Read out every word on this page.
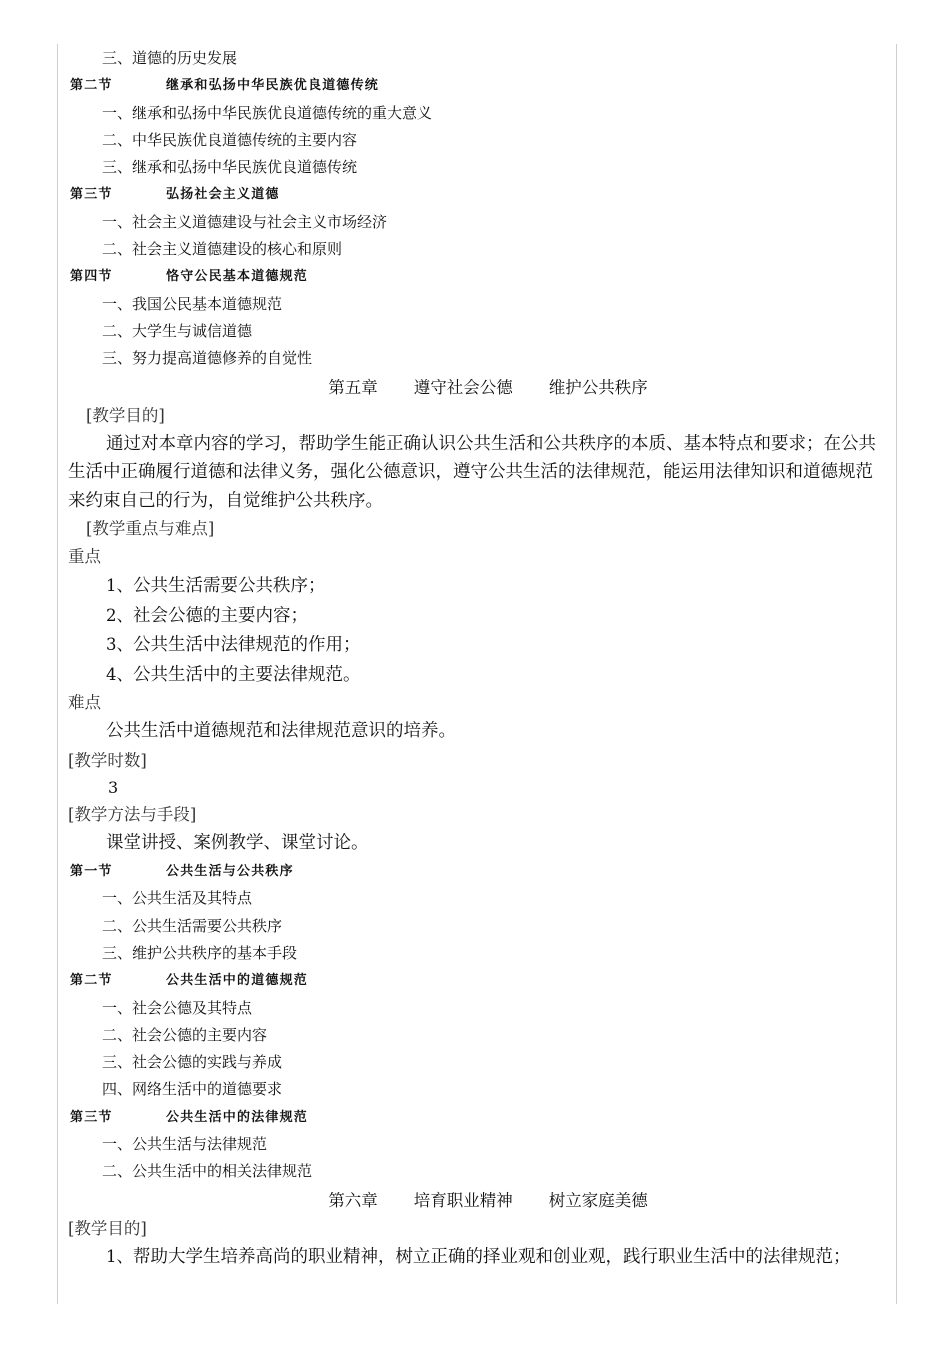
三、道德的历史发展
第二节	继承和弘扬中华民族优良道德传统
一、继承和弘扬中华民族优良道德传统的重大意义
二、中华民族优良道德传统的主要内容
三、继承和弘扬中华民族优良道德传统
第三节	弘扬社会主义道德
一、社会主义道德建设与社会主义市场经济
二、社会主义道德建设的核心和原则
第四节	恪守公民基本道德规范
一、我国公民基本道德规范
二、大学生与诚信道德
三、努力提高道德修养的自觉性
第五章 遵守社会公德 维护公共秩序
[教学目的]

通过对本章内容的学习，帮助学生能正确认识公共生活和公共秩序的本质、基本特点和要求；在公共生活中正确履行道德和法律义务，强化公德意识，遵守公共生活的法律规范，能运用法律知识和道德规范来约束自己的行为，自觉维护公共秩序。

[教学重点与难点]
重点
1、公共生活需要公共秩序；
2、社会公德的主要内容；
3、公共生活中法律规范的作用；
4、公共生活中的主要法律规范。
难点
公共生活中道德规范和法律规范意识的培养。
[教学时数]
3
[教学方法与手段]
课堂讲授、案例教学、课堂讨论。
第一节	公共生活与公共秩序
一、公共生活及其特点
二、公共生活需要公共秩序
三、维护公共秩序的基本手段
第二节	公共生活中的道德规范
一、社会公德及其特点
二、社会公德的主要内容
三、社会公德的实践与养成
四、网络生活中的道德要求
第三节	公共生活中的法律规范
一、公共生活与法律规范
二、公共生活中的相关法律规范
第六章 培育职业精神 树立家庭美德
[教学目的]

1、帮助大学生培养高尚的职业精神，树立正确的择业观和创业观，践行职业生活中的法律规范；
